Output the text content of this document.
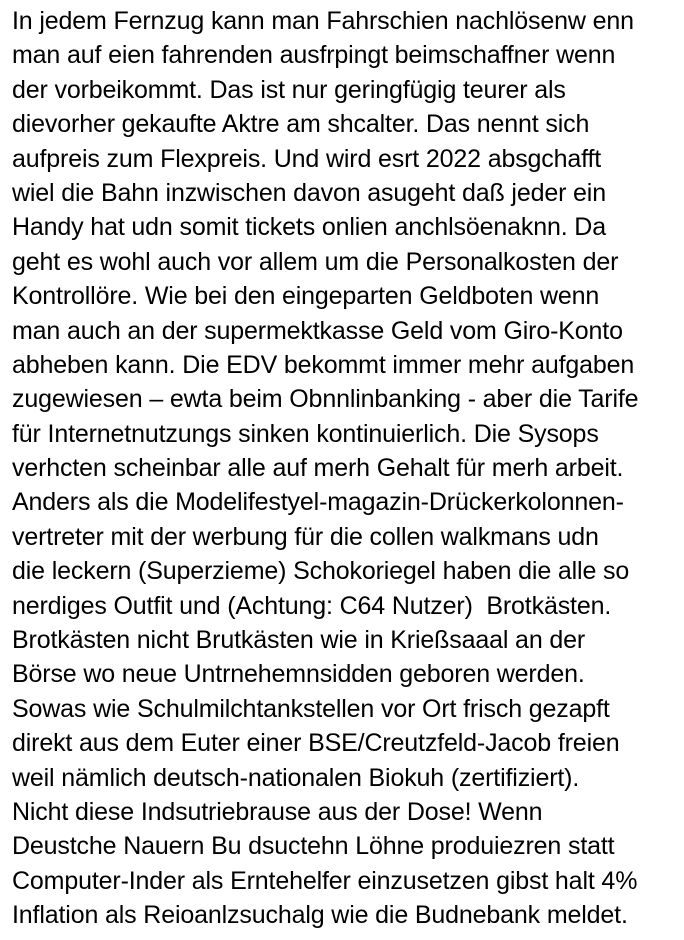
In jedem Fernzug kann man Fahrschien nachlösenw enn
man auf eien fahrenden ausfrpingt beimschaffner wenn
der vorbeikommt. Das ist nur geringfügig teurer als
dievorher gekaufte Aktre am shcalter. Das nennt sich
aufpreis zum Flexpreis. Und wird esrt 2022 absgchafft
wiel die Bahn inzwischen davon asugeht daß jeder ein
Handy hat udn somit tickets onlien anchlsöenaknn. Da
geht es wohl auch vor allem um die Personalkosten der
Kontrollöre. Wie bei den eingeparten Geldboten wenn
man auch an der supermektkasse Geld vom Giro-Konto
abheben kann. Die EDV bekommt immer mehr aufgaben
zugewiesen – ewta beim Obnnlinbanking - aber die Tarife
für Internetnutzungs sinken kontinuierlich. Die Sysops
verhcten scheinbar alle auf merh Gehalt für merh arbeit.
Anders als die Modelifestyel-magazin-Drückerkolonnen-
vertreter mit der werbung für die collen walkmans udn
die leckern (Superzieme) Schokoriegel haben die alle so
nerdiges Outfit und (Achtung: C64 Nutzer)  Brotkästen.
Brotkästen nicht Brutkästen wie in Krießsaaal an der
Börse wo neue Untrnehemnsidden geboren werden.
Sowas wie Schulmilchtankstellen vor Ort frisch gezapft
direkt aus dem Euter einer BSE/Creutzfeld-Jacob freien
weil nämlich deutsch-nationalen Biokuh (zertifiziert).
Nicht diese Indsutriebrause aus der Dose! Wenn
Deustche Nauern Bu dsuctehn Löhne produiezren statt
Computer-Inder als Erntehelfer einzusetzen gibst halt 4%
Inflation als Reioanlzsuchalg wie die Budnebank meldet.
